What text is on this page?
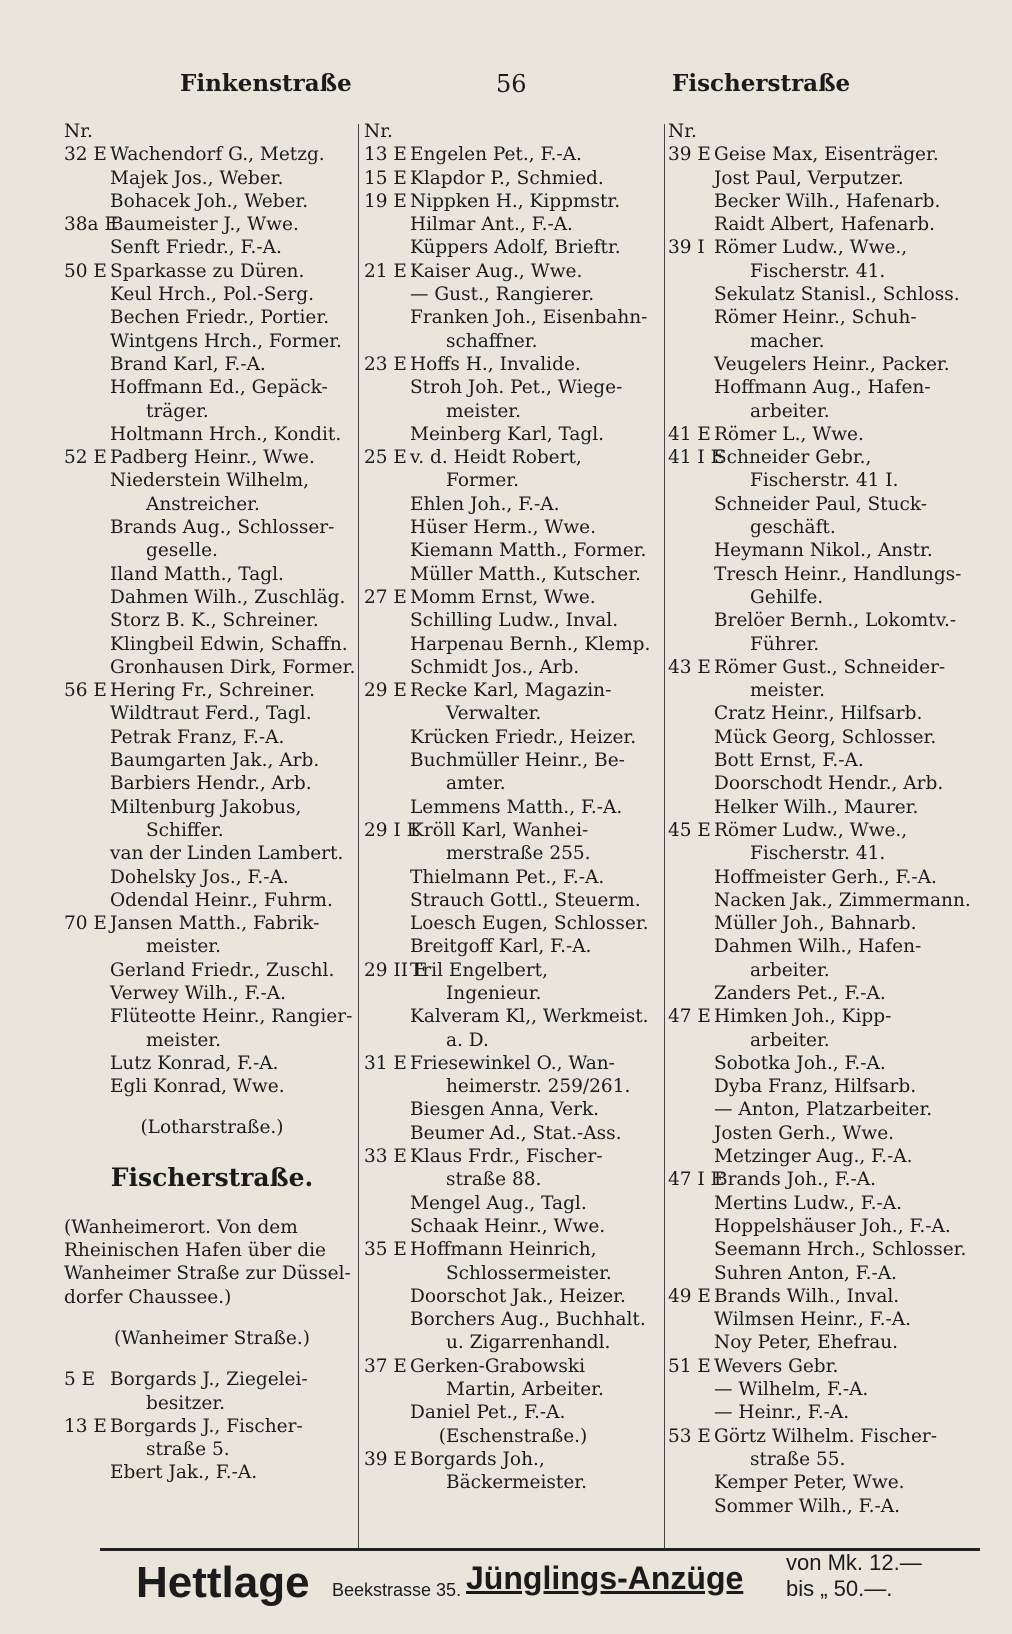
Finkenstraße	56	Fischerstraße
Nr.
32 E Wachendorf G., Metzg.
Majek Jos., Weber.
Bohacek Joh., Weber.
38a E
Baumeister J., Wwe.
Senft Friedr., F.-A.
50 E Sparkasse zu Düren.
Keul Hrch., Pol.-Serg.
Bechen Friedr., Portier.
Wintgens Hrch., Former.
Brand Karl, F.-A.
Hoffmann Ed., Gepäck-
träger.
Holtmann Hrch., Kondit.
52 E Padberg Heinr., Wwe.
Niederstein Wilhelm,
Anstreicher.
Brands Aug., Schlosser-
geselle.
Iland Matth., Tagl.
Dahmen Wilh., Zuschläg.
Storz B. K., Schreiner.
Klingbeil Edwin, Schaffn.
Gronhausen Dirk, Former.
56 E Hering Fr., Schreiner.
Wildtraut Ferd., Tagl.
Petrak Franz, F.-A.
Baumgarten Jak., Arb.
Barbiers Hendr., Arb.
Miltenburg Jakobus,
Schiffer.
van der Linden Lambert.
Dohelsky Jos., F.-A.
Odendal Heinr., Fuhrm.
70 E Jansen Matth., Fabrik-
meister.
Gerland Friedr., Zuschl.
Verwey Wilh., F.-A.
Flüteotte Heinr., Rangier-
meister.
Lutz Konrad, F.-A.
Egli Konrad, Wwe.
(Lotharstraße.)
Fischerstraße.
(Wanheimerort. Von dem
Rheinischen Hafen über die
Wanheimer Straße zur Düssel-
dorfer Chaussee.)
(Wanheimer Straße.)
5 E Borgards J., Ziegelei-
besitzer.
13 E Borgards J., Fischer-
straße 5.
Ebert Jak., F.-A.
Nr.
13 E Engelen Pet., F.-A.
15 E Klapdor P., Schmied.
19 E Nippken H., Kippmstr.
Hilmar Ant., F.-A.
Küppers Adolf, Brieftr.
21 E Kaiser Aug., Wwe.
— Gust., Rangierer.
Franken Joh., Eisenbahn-
schaffner.
23 E Hoffs H., Invalide.
Stroh Joh. Pet., Wiege-
meister.
Meinberg Karl, Tagl.
25 E v. d. Heidt Robert,
Former.
Ehlen Joh., F.-A.
Hüser Herm., Wwe.
Kiemann Matth., Former.
Müller Matth., Kutscher.
27 E Momm Ernst, Wwe.
Schilling Ludw., Inval.
Harpenau Bernh., Klemp.
Schmidt Jos., Arb.
29 E Recke Karl, Magazin-
Verwalter.
Krücken Friedr., Heizer.
Buchmüller Heinr., Be-
amter.
Lemmens Matth., F.-A.
29 I E
Kröll Karl, Wanhei-
merstraße 255.
Thielmann Pet., F.-A.
Strauch Gottl., Steuerm.
Loesch Eugen, Schlosser.
Breitgoff Karl, F.-A.
29 II E
Tril Engelbert,
Ingenieur.
Kalveram Kl,, Werkmeist.
a. D.
31 E Friesewinkel O., Wan-
heimerstr. 259/261.
Biesgen Anna, Verk.
Beumer Ad., Stat.-Ass.
33 E Klaus Frdr., Fischer-
straße 88.
Mengel Aug., Tagl.
Schaak Heinr., Wwe.
35 E Hoffmann Heinrich,
Schlossermeister.
Doorschot Jak., Heizer.
Borchers Aug., Buchhalt.
u. Zigarrenhandl.
37 E Gerken-Grabowski
Martin, Arbeiter.
Daniel Pet., F.-A.
(Eschenstraße.)
39 E Borgards Joh.,
Bäckermeister.
Nr.
39 E Geise Max, Eisenträger.
Jost Paul, Verputzer.
Becker Wilh., Hafenarb.
Raidt Albert, Hafenarb.
39 I Römer Ludw., Wwe.,
Fischerstr. 41.
Sekulatz Stanisl., Schloss.
Römer Heinr., Schuh-
macher.
Veugelers Heinr., Packer.
Hoffmann Aug., Hafen-
arbeiter.
41 E Römer L., Wwe.
41 I E
Schneider Gebr.,
Fischerstr. 41 I.
Schneider Paul, Stuck-
geschäft.
Heymann Nikol., Anstr.
Tresch Heinr., Handlungs-
Gehilfe.
Brelöer Bernh., Lokomtv.-
Führer.
43 E Römer Gust., Schneider-
meister.
Cratz Heinr., Hilfsarb.
Mück Georg, Schlosser.
Bott Ernst, F.-A.
Doorschodt Hendr., Arb.
Helker Wilh., Maurer.
45 E Römer Ludw., Wwe.,
Fischerstr. 41.
Hoffmeister Gerh., F.-A.
Nacken Jak., Zimmermann.
Müller Joh., Bahnarb.
Dahmen Wilh., Hafen-
arbeiter.
Zanders Pet., F.-A.
47 E Himken Joh., Kipp-
arbeiter.
Sobotka Joh., F.-A.
Dyba Franz, Hilfsarb.
— Anton, Platzarbeiter.
Josten Gerh., Wwe.
Metzinger Aug., F.-A.
47 I E
Brands Joh., F.-A.
Mertins Ludw., F.-A.
Hoppelshäuser Joh., F.-A.
Seemann Hrch., Schlosser.
Suhren Anton, F.-A.
49 E Brands Wilh., Inval.
Wilmsen Heinr., F.-A.
Noy Peter, Ehefrau.
51 E Wevers Gebr.
— Wilhelm, F.-A.
— Heinr., F.-A.
53 E Görtz Wilhelm. Fischer-
straße 55.
Kemper Peter, Wwe.
Sommer Wilh., F.-A.
Hettlage Beekstrasse 35. Jünglings-Anzüge von Mk. 12.—
bis „ 50.—.
